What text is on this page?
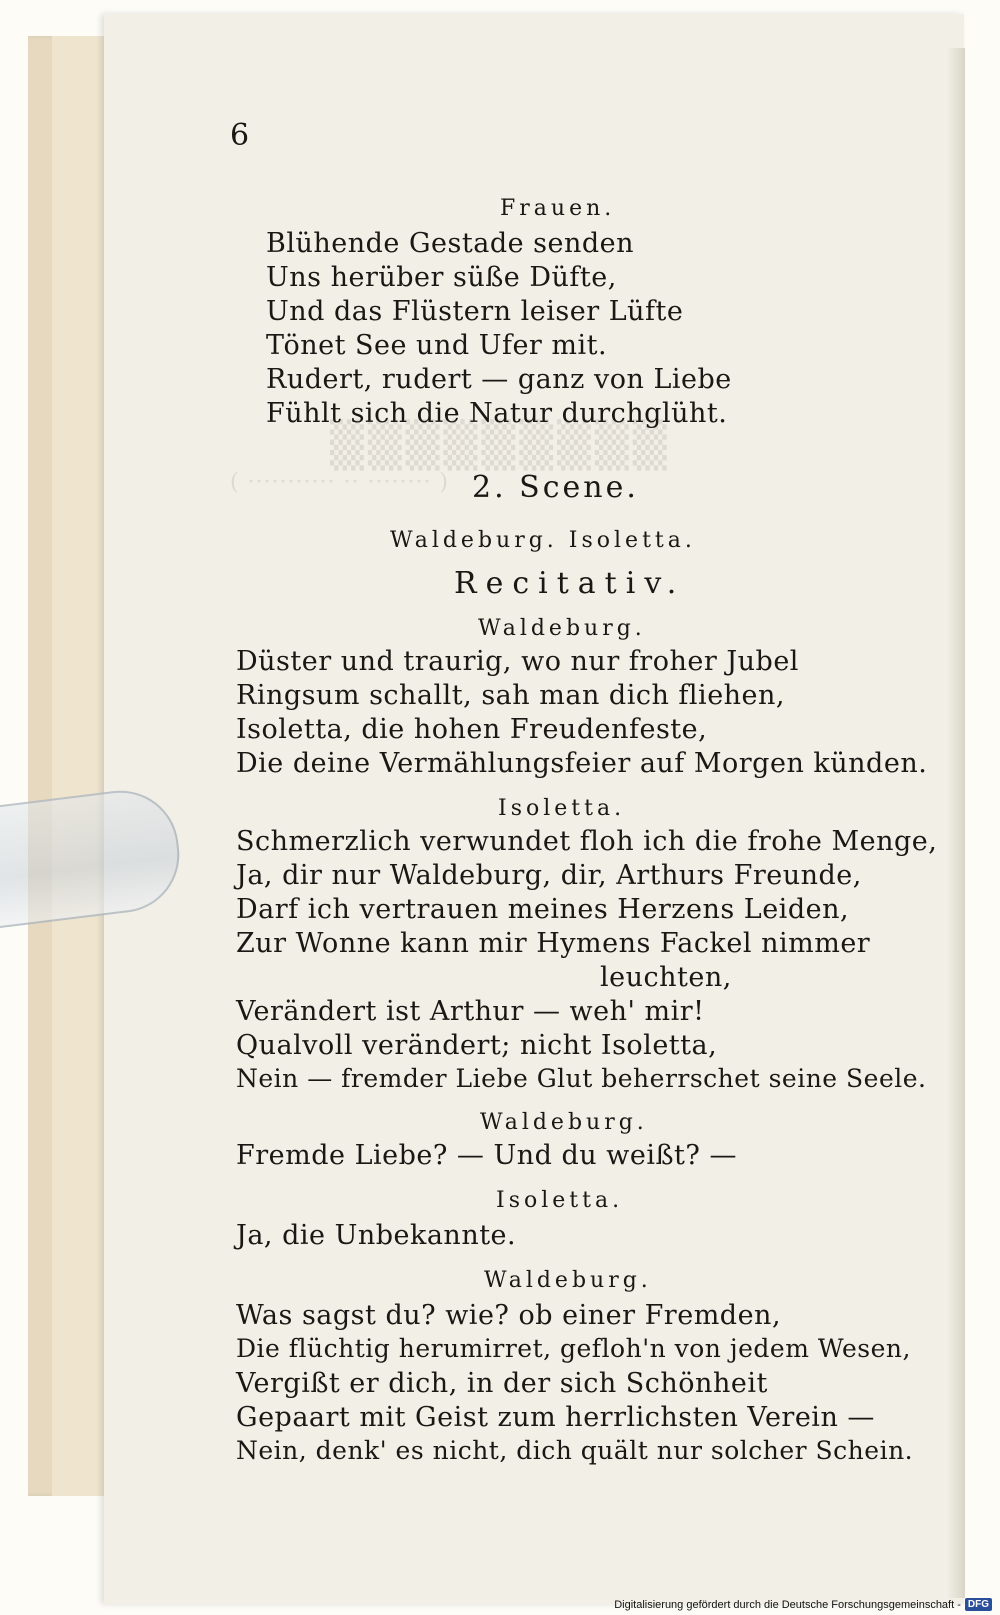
▒▒▒▒▒▒▒▒▒
( ··········· ·· ········ )
6
Frauen.
Blühende Gestade senden
Uns herüber süße Düfte,
Und das Flüstern leiser Lüfte
Tönet See und Ufer mit.
Rudert, rudert — ganz von Liebe
Fühlt sich die Natur durchglüht.
2. Scene.
Waldeburg. Isoletta.
Recitativ.
Waldeburg.
Düster und traurig, wo nur froher Jubel
Ringsum schallt, sah man dich fliehen,
Isoletta, die hohen Freudenfeste,
Die deine Vermählungsfeier auf Morgen künden.
Isoletta.
Schmerzlich verwundet floh ich die frohe Menge,
Ja, dir nur Waldeburg, dir, Arthurs Freunde,
Darf ich vertrauen meines Herzens Leiden,
Zur Wonne kann mir Hymens Fackel nimmer
leuchten,
Verändert ist Arthur — weh' mir!
Qualvoll verändert; nicht Isoletta,
Nein — fremder Liebe Glut beherrschet seine Seele.
Waldeburg.
Fremde Liebe? — Und du weißt? —
Isoletta.
Ja, die Unbekannte.
Waldeburg.
Was sagst du? wie? ob einer Fremden,
Die flüchtig herumirret, gefloh'n von jedem Wesen,
Vergißt er dich, in der sich Schönheit
Gepaart mit Geist zum herrlichsten Verein —
Nein, denk' es nicht, dich quält nur solcher Schein.
Digitalisierung gefördert durch die Deutsche Forschungsgemeinschaft - DFG
